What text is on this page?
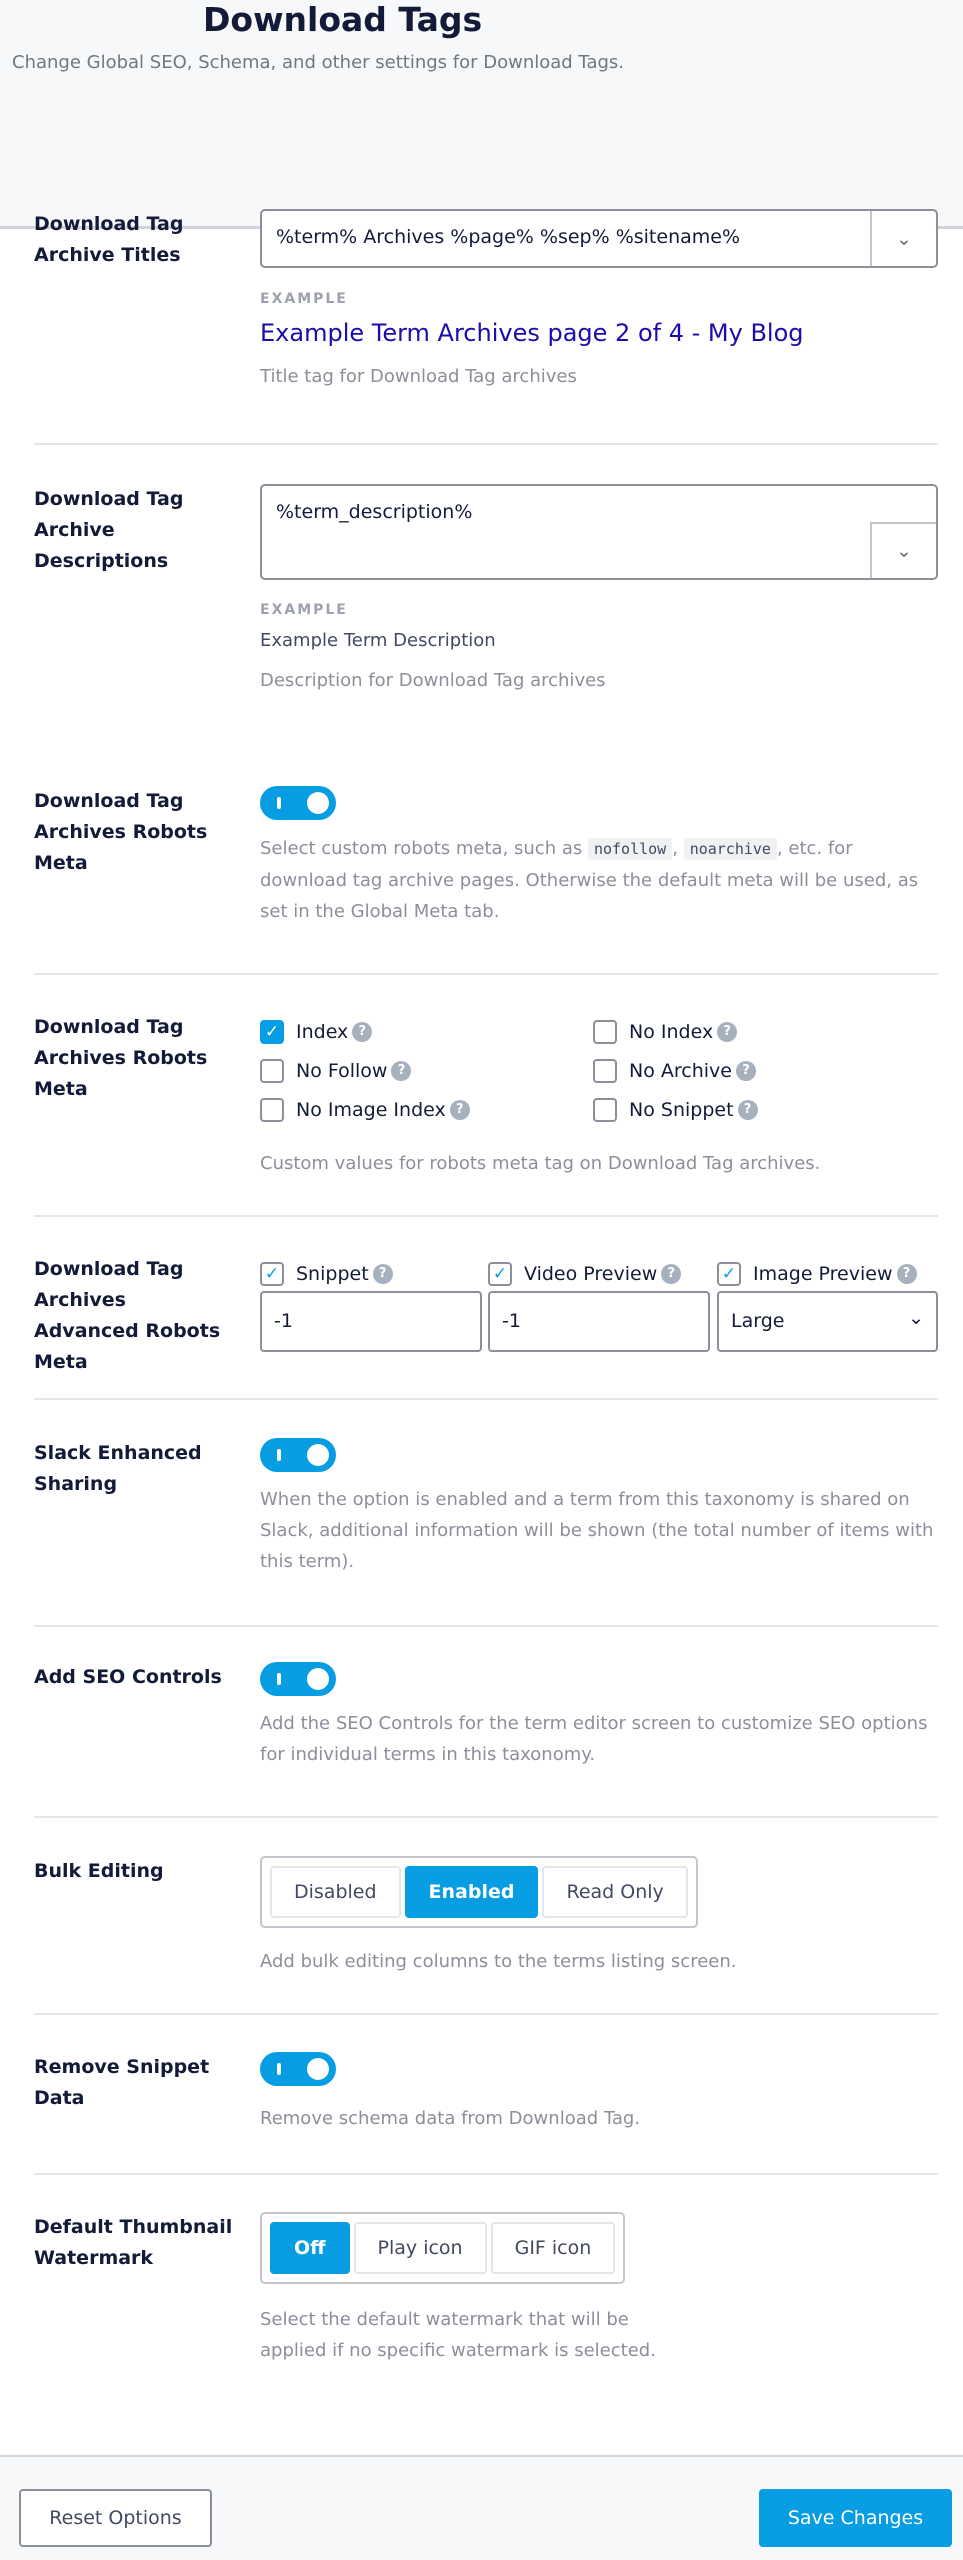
Download Tags
Change Global SEO, Schema, and other settings for Download Tags.
Download Tag Archive Titles
%term% Archives %page% %sep% %sitename%	⌄
EXAMPLE
Example Term Archives page 2 of 4 - My Blog
Title tag for Download Tag archives
Download Tag Archive Descriptions
%term_description%
⌄
EXAMPLE
Example Term Description
Description for Download Tag archives
Download Tag Archives Robots Meta
Select custom robots meta, such as nofollow , noarchive , etc. for download tag archive pages. Otherwise the default meta will be used, as set in the Global Meta tab.
Download Tag Archives Robots Meta
✓ Index ?	No Index ?
No Follow ?	No Archive ?
No Image Index ?	No Snippet ?
Custom values for robots meta tag on Download Tag archives.
Download Tag Archives Advanced Robots Meta
✓ Snippet ?	✓ Video Preview ?	✓ Image Preview ?
-1	-1	Large	⌄
Slack Enhanced Sharing
When the option is enabled and a term from this taxonomy is shared on Slack, additional information will be shown (the total number of items with this term).
Add SEO Controls
Add the SEO Controls for the term editor screen to customize SEO options for individual terms in this taxonomy.
Bulk Editing
Disabled	Enabled	Read Only
Add bulk editing columns to the terms listing screen.
Remove Snippet Data
Remove schema data from Download Tag.
Default Thumbnail Watermark	Off	Play icon	GIF icon
Select the default watermark that will be applied if no specific watermark is selected.
Reset Options	Save Changes
